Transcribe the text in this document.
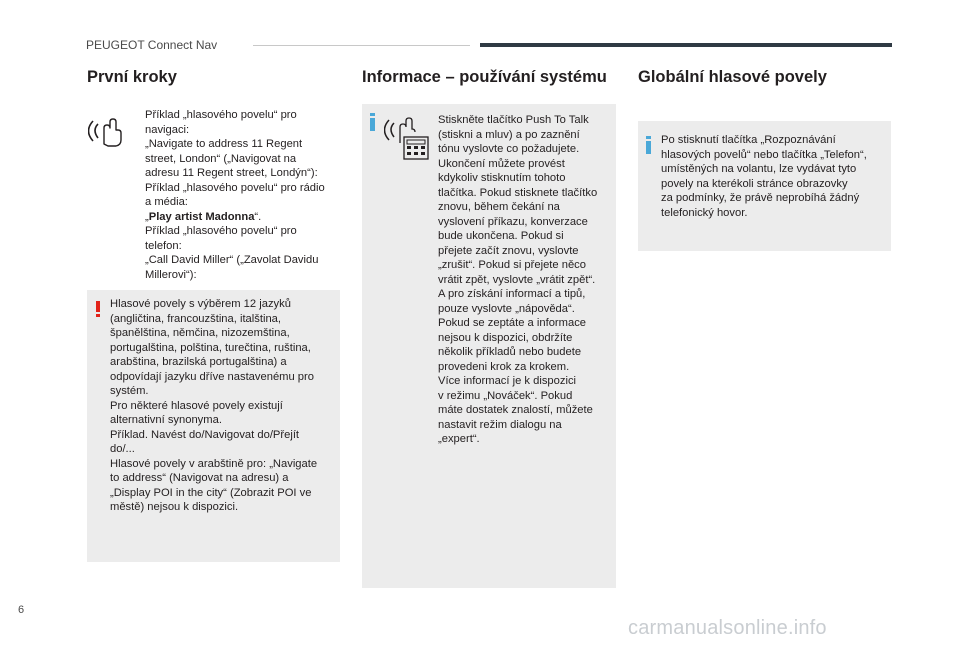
PEUGEOT Connect Nav
První kroky	Informace – používání systému Globální hlasové povely
Příklad „hlasového povelu“ pro
navigaci:
„Navigate to address 11 Regent
street, London“ („Navigovat na
adresu 11 Regent street, Londýn“):
Příklad „hlasového povelu“ pro rádio
a média:
„Play artist Madonna“.
Příklad „hlasového povelu“ pro
telefon:
„Call David Miller“ („Zavolat Davidu
Millerovi“):
Hlasové povely s výběrem 12 jazyků
(angličtina, francouzština, italština,
španělština, němčina, nizozemština,
portugalština, polština, turečtina, ruština,
arabština, brazilská portugalština) a
odpovídají jazyku dříve nastavenému pro
systém.
Pro některé hlasové povely existují
alternativní synonyma.
Příklad. Navést do/Navigovat do/Přejít
do/...
Hlasové povely v arabštině pro: „Navigate
to address“ (Navigovat na adresu) a
„Display POI in the city“ (Zobrazit POI ve
městě) nejsou k dispozici.
Stiskněte tlačítko Push To Talk
(stiskni a mluv) a po zaznění
tónu vyslovte co požadujete.
Ukončení můžete provést
kdykoliv stisknutím tohoto
tlačítka. Pokud stisknete tlačítko
znovu, během čekání na
vyslovení příkazu, konverzace
bude ukončena. Pokud si
přejete začít znovu, vyslovte
„zrušit“. Pokud si přejete něco
vrátit zpět, vyslovte „vrátit zpět“.
A pro získání informací a tipů,
pouze vyslovte „nápověda“.
Pokud se zeptáte a informace
nejsou k dispozici, obdržíte
několik příkladů nebo budete
provedeni krok za krokem.
Více informací je k dispozici
v režimu „Nováček“. Pokud
máte dostatek znalostí, můžete
nastavit režim dialogu na
„expert“.
Po stisknutí tlačítka „Rozpoznávání
hlasových povelů“ nebo tlačítka „Telefon“,
umístěných na volantu, lze vydávat tyto
povely na kterékoli stránce obrazovky
za podmínky, že právě neprobíhá žádný
telefonický hovor.
6
carmanualsonline.info
